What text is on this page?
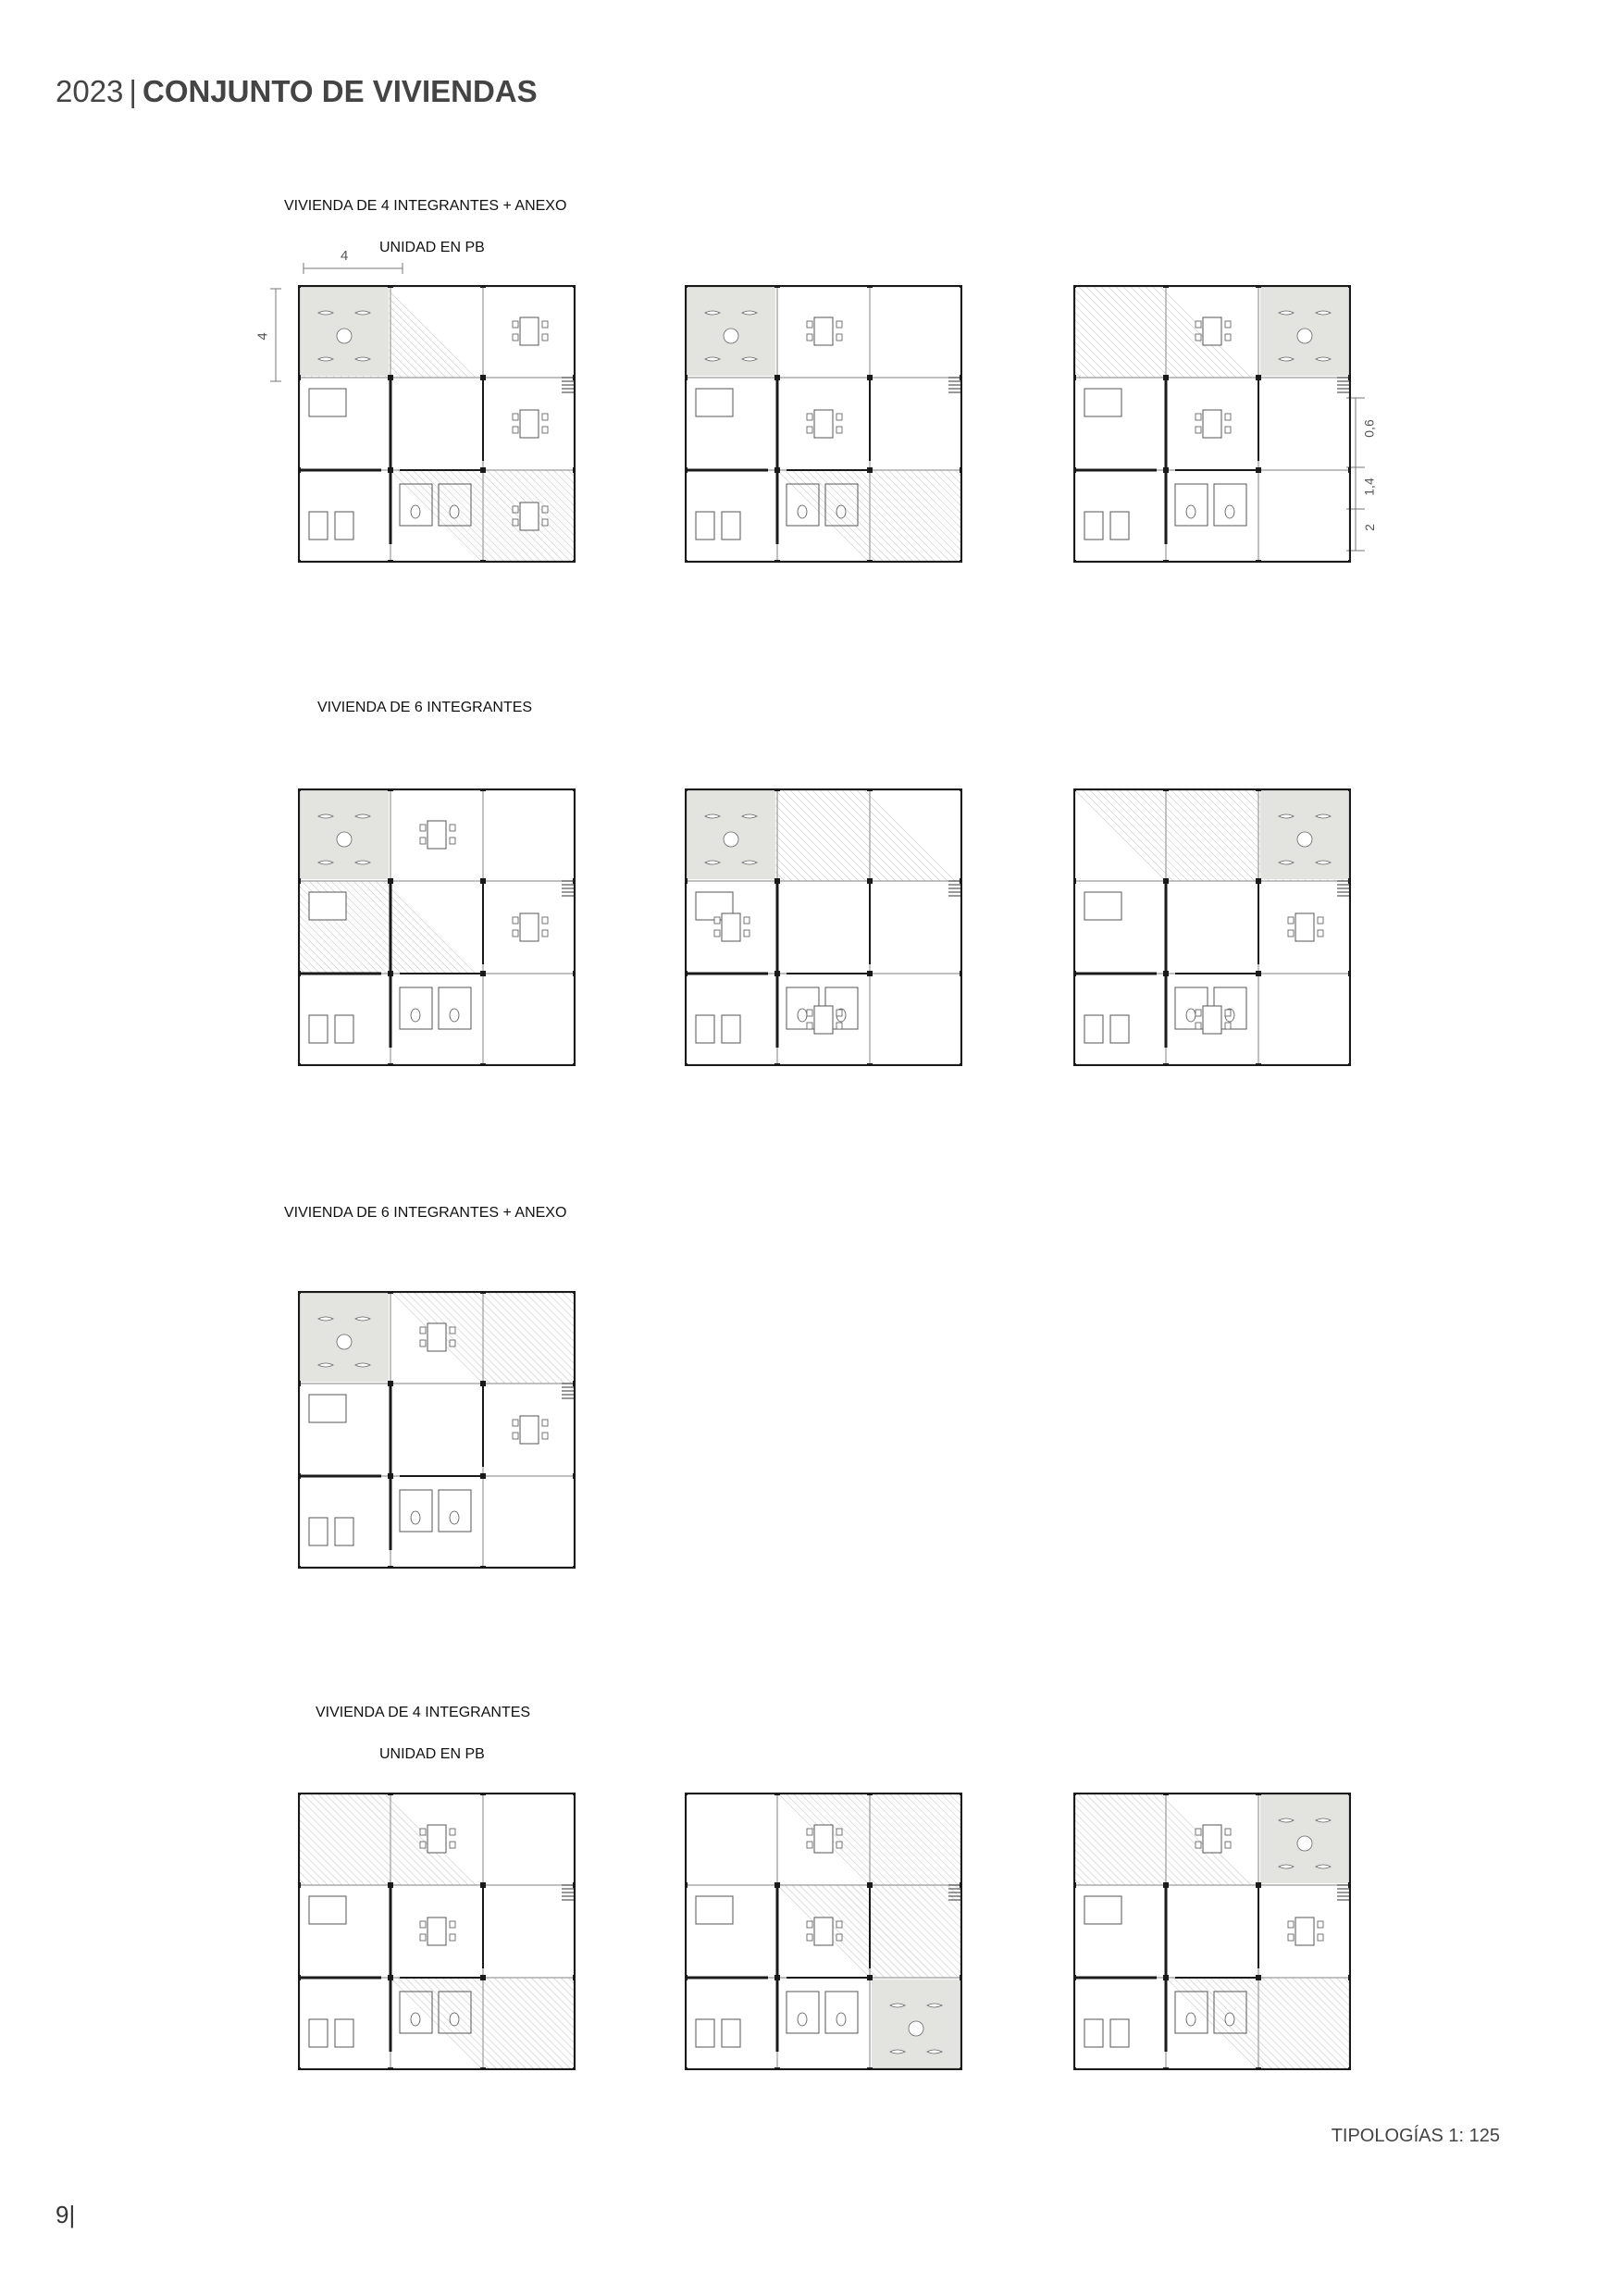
2023 | CONJUNTO DE VIVIENDAS
VIVIENDA DE 4 INTEGRANTES + ANEXO
UNIDAD EN PB
VIVIENDA DE 6 INTEGRANTES
VIVIENDA DE 6 INTEGRANTES + ANEXO
VIVIENDA DE 4 INTEGRANTES
UNIDAD EN PB
4
4
0,6
1,4
2
TIPOLOGÍAS 1: 125
9|
